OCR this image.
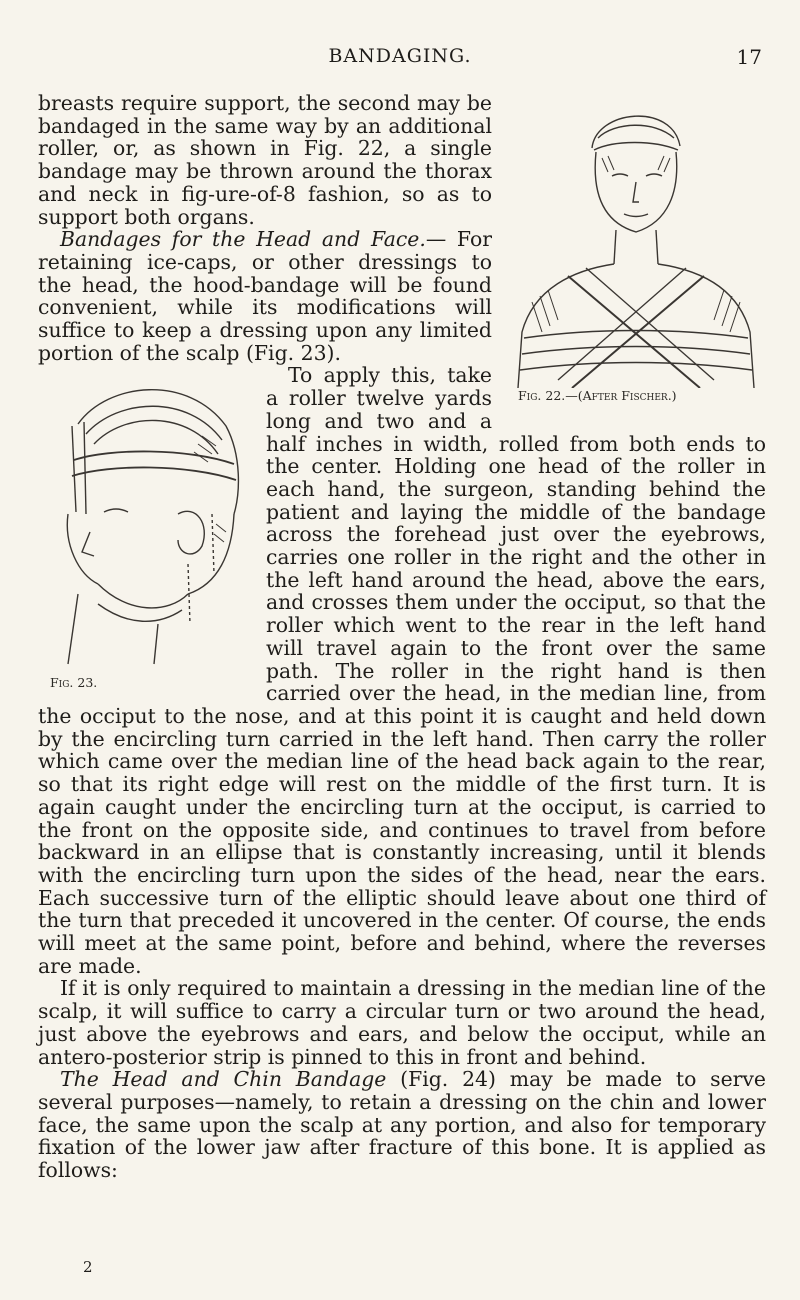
BANDAGING.	17
Fig. 22.—(After Fischer.)

breasts require support, the second may be bandaged in the same way by an additional roller, or, as shown in Fig. 22, a single bandage may be thrown around the thorax and neck in fig-ure-of-8 fashion, so as to support both organs.

Bandages for the Head and Face.— For retaining ice-caps, or other dressings to the head, the hood-bandage will be found convenient, while its modifications will suffice to keep a dressing upon any limited portion of the scalp (Fig. 23).

Fig. 23.

To apply this, take a roller twelve yards long and two and a half inches in width, rolled from both ends to the center. Holding one head of the roller in each hand, the surgeon, standing behind the patient and laying the middle of the bandage across the forehead just over the eyebrows, carries one roller in the right and the other in the left hand around the head, above the ears, and crosses them under the occiput, so that the roller which went to the rear in the left hand will travel again to the front over the same path. The roller in the right hand is then carried over the head, in the median line, from the occiput to the nose, and at this point it is caught and held down by the encircling turn carried in the left hand. Then carry the roller which came over the median line of the head back again to the rear, so that its right edge will rest on the middle of the first turn. It is again caught under the encircling turn at the occiput, is carried to the front on the opposite side, and continues to travel from before backward in an ellipse that is constantly increasing, until it blends with the encircling turn upon the sides of the head, near the ears. Each successive turn of the elliptic should leave about one third of the turn that preceded it uncovered in the center. Of course, the ends will meet at the same point, before and behind, where the reverses are made.

If it is only required to maintain a dressing in the median line of the scalp, it will suffice to carry a circular turn or two around the head, just above the eyebrows and ears, and below the occiput, while an antero-posterior strip is pinned to this in front and behind.

The Head and Chin Bandage (Fig. 24) may be made to serve several purposes—namely, to retain a dressing on the chin and lower face, the same upon the scalp at any portion, and also for temporary fixation of the lower jaw after fracture of this bone. It is applied as follows:

2
